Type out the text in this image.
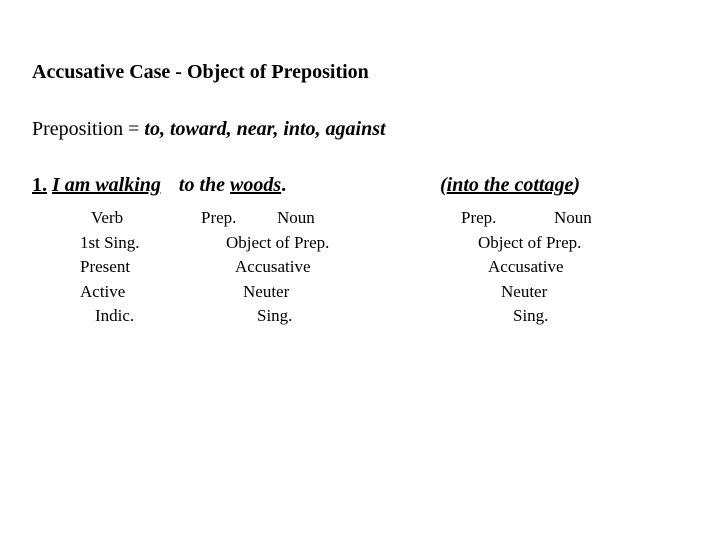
Accusative Case - Object of Preposition
Preposition = to, toward, near, into, against
1. I am walking to the woods.	(into the cottage)
Verb
1st Sing.
Present
Active
Indic.
Prep. Noun
Object of Prep.
Accusative
Neuter
Sing.
Prep.	Noun
Object of Prep.
Accusative
Neuter
Sing.
